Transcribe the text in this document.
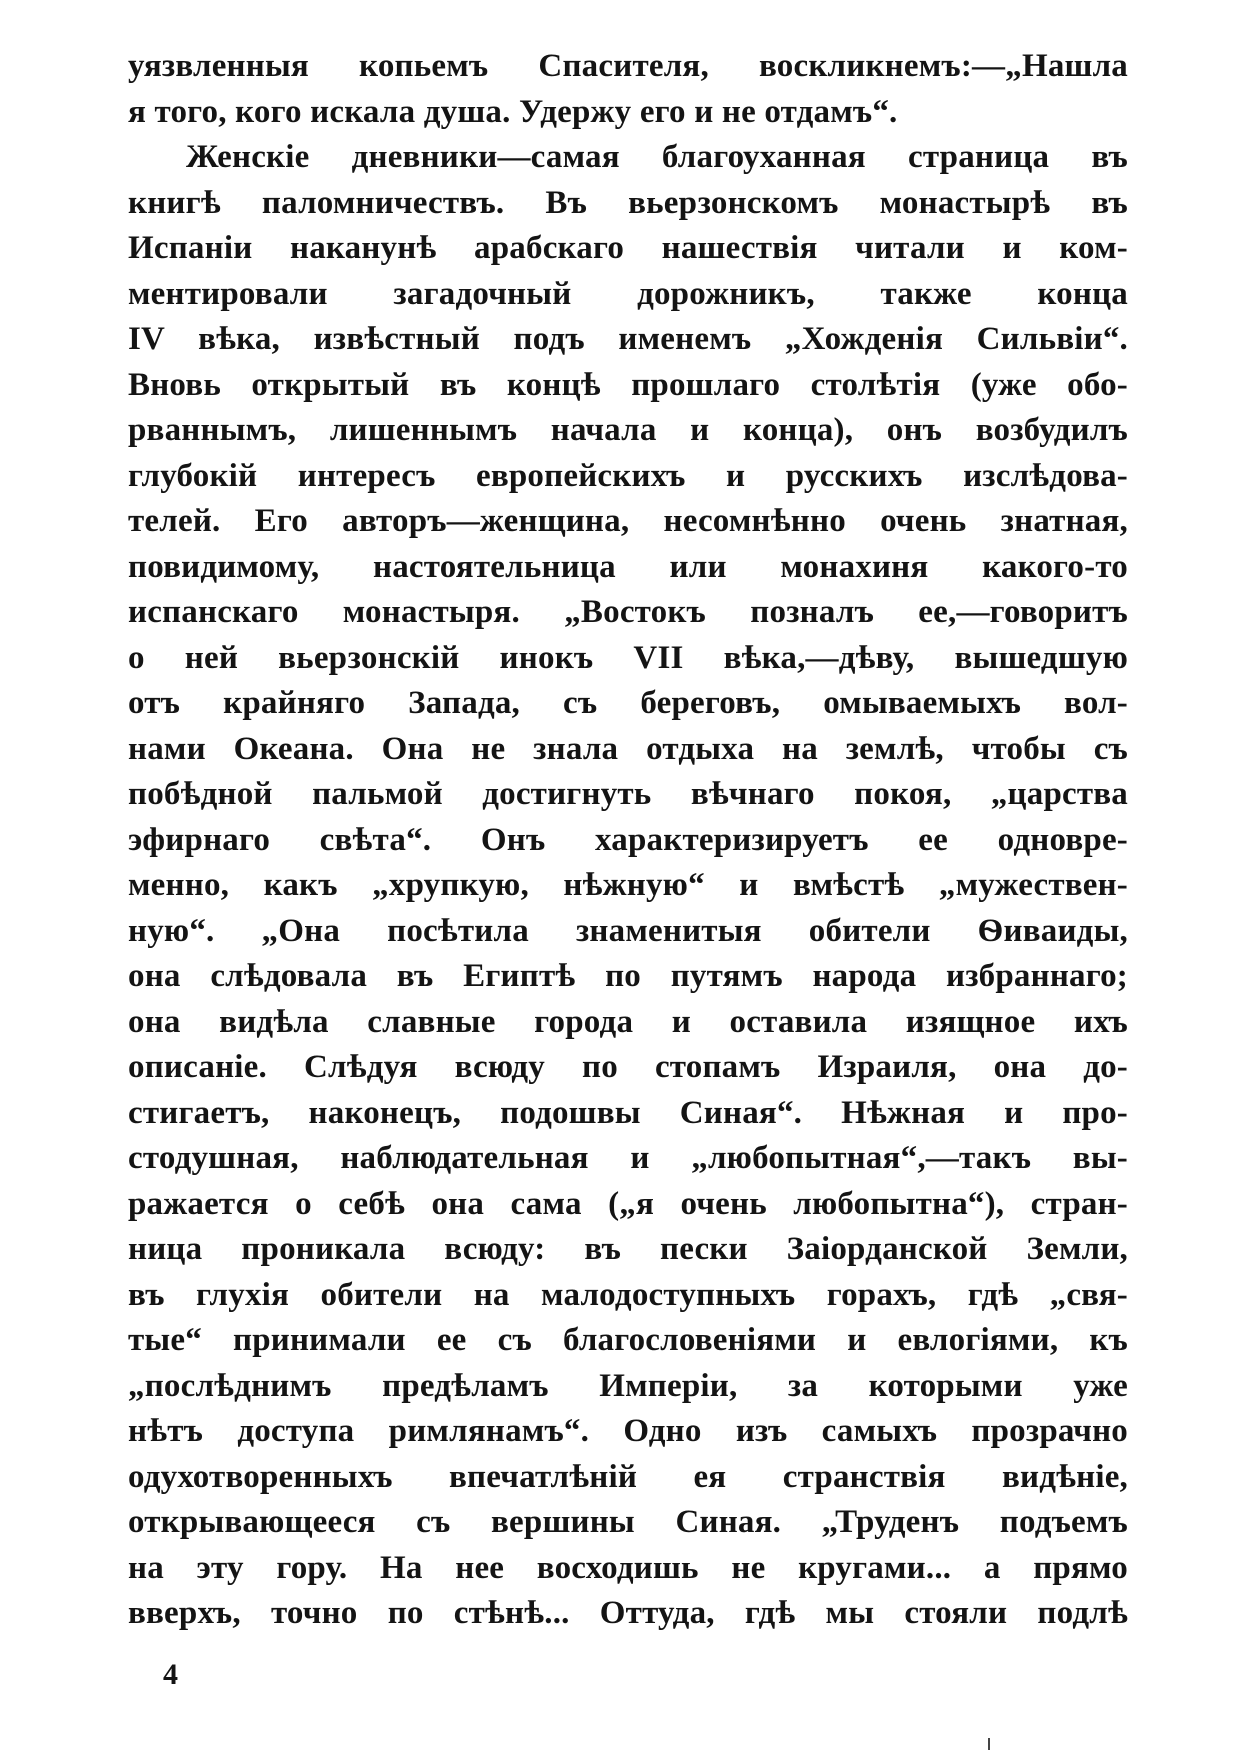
уязвленныя копьемъ Спасителя, воскликнемъ:—„Нашла
я того, кого искала душа. Удержу его и не отдамъ“.
Женскіе дневники—самая благоуханная страница въ
книгѣ паломничествъ. Въ вьерзонскомъ монастырѣ въ
Испаніи наканунѣ арабскаго нашествія читали и ком-
ментировали загадочный дорожникъ, также конца
IV вѣка, извѣстный подъ именемъ „Хожденія Сильвіи“.
Вновь открытый въ концѣ прошлаго столѣтія (уже обо-
рваннымъ, лишеннымъ начала и конца), онъ возбудилъ
глубокій интересъ европейскихъ и русскихъ изслѣдова-
телей. Его авторъ—женщина, несомнѣнно очень знатная,
повидимому, настоятельница или монахиня какого-то
испанскаго монастыря. „Востокъ позналъ ее,—говоритъ
о ней вьерзонскій инокъ VII вѣка,—дѣву, вышедшую
отъ крайняго Запада, съ береговъ, омываемыхъ вол-
нами Океана. Она не знала отдыха на землѣ, чтобы съ
побѣдной пальмой достигнуть вѣчнаго покоя, „царства
эфирнаго свѣта“. Онъ характеризируетъ ее одновре-
менно, какъ „хрупкую, нѣжную“ и вмѣстѣ „мужествен-
ную“. „Она посѣтила знаменитыя обители Ѳиваиды,
она слѣдовала въ Египтѣ по путямъ народа избраннаго;
она видѣла славные города и оставила изящное ихъ
описаніе. Слѣдуя всюду по стопамъ Израиля, она до-
стигаетъ, наконецъ, подошвы Синая“. Нѣжная и про-
стодушная, наблюдательная и „любопытная“,—такъ вы-
ражается о себѣ она сама („я очень любопытна“), стран-
ница проникала всюду: въ пески Заіорданской Земли,
въ глухія обители на малодоступныхъ горахъ, гдѣ „свя-
тые“ принимали ее съ благословеніями и евлогіями, къ
„послѣднимъ предѣламъ Имперіи, за которыми уже
нѣтъ доступа римлянамъ“. Одно изъ самыхъ прозрачно
одухотворенныхъ впечатлѣній ея странствія видѣніе,
открывающееся съ вершины Синая. „Труденъ подъемъ
на эту гору. На нее восходишь не кругами... а прямо
вверхъ, точно по стѣнѣ... Оттуда, гдѣ мы стояли подлѣ
4
